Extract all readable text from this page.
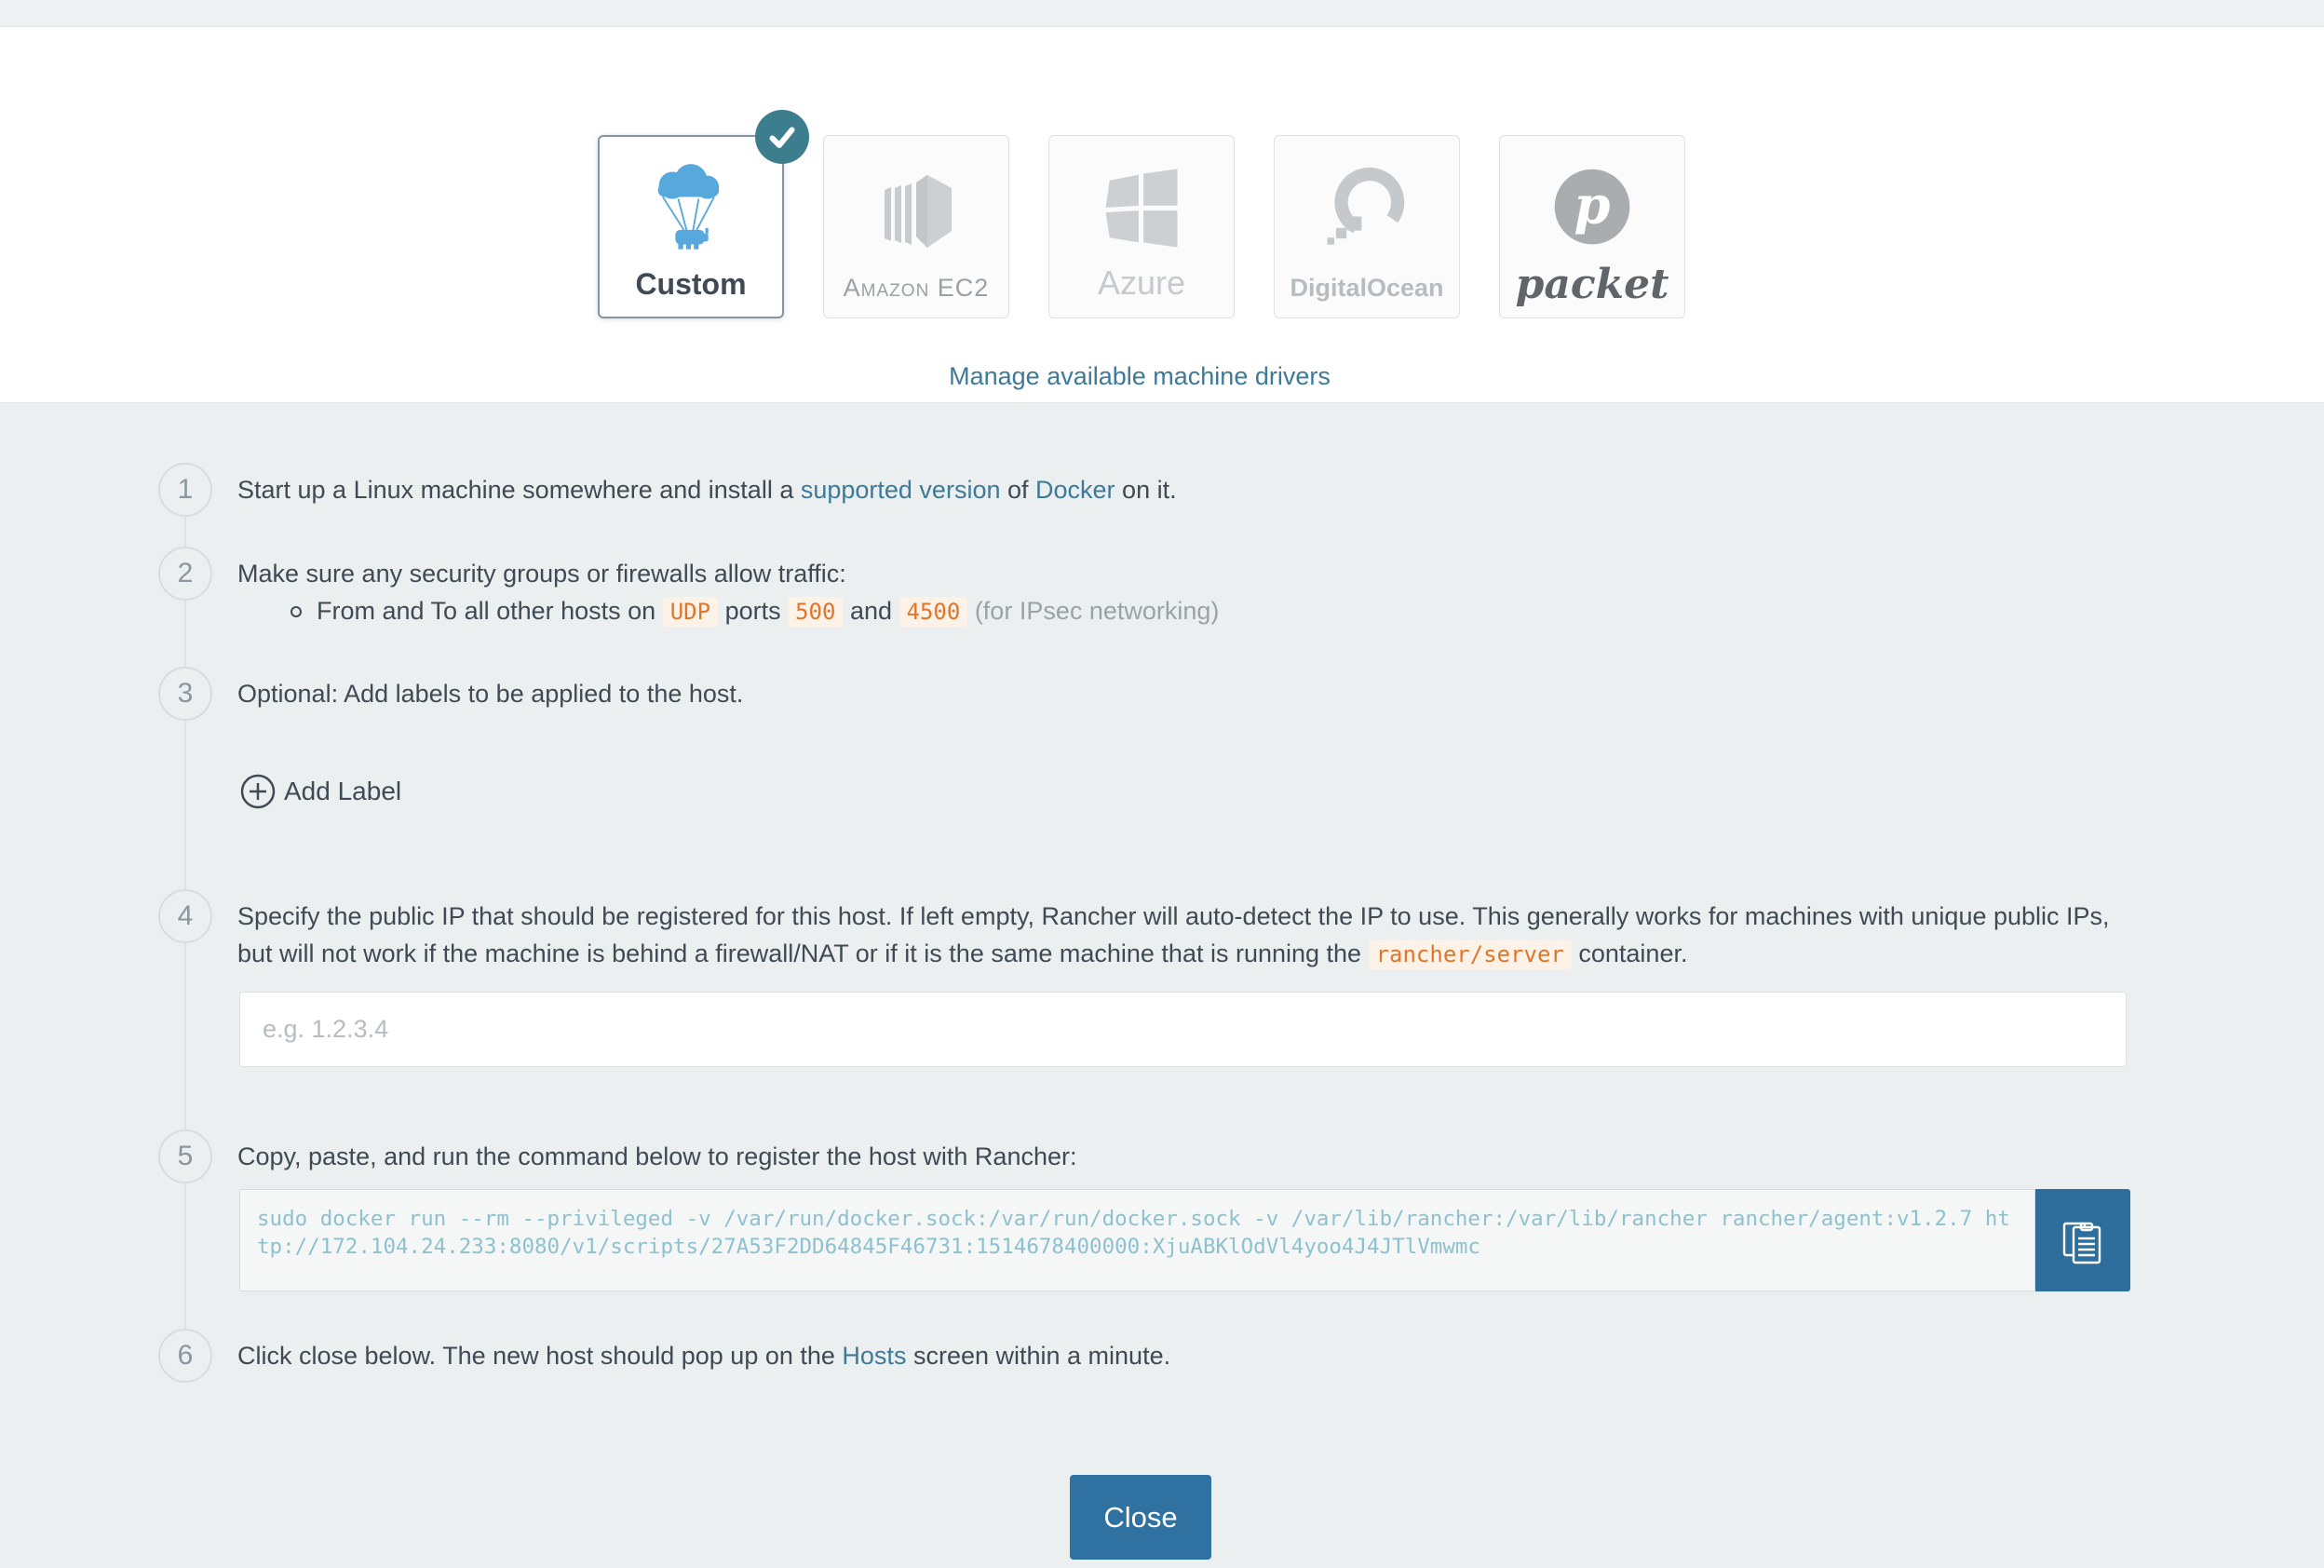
Custom	Amazon EC2	Azure	DigitalOcean
p
packet
Manage available machine drivers
1
2
3
4
5
6
Start up a Linux machine somewhere and install a supported version of Docker on it.
Make sure any security groups or firewalls allow traffic:
From and To all other hosts on UDP ports 500 and 4500 (for IPsec networking)
Optional: Add labels to be applied to the host.
Add Label
Specify the public IP that should be registered for this host. If left empty, Rancher will auto-detect the IP to use. This generally works for machines with unique public IPs, but will not work if the machine is behind a firewall/NAT or if it is the same machine that is running the rancher/server container.
e.g. 1.2.3.4
Copy, paste, and run the command below to register the host with Rancher:
sudo docker run --rm --privileged -v /var/run/docker.sock:/var/run/docker.sock -v /var/lib/rancher:/var/lib/rancher rancher/agent:v1.2.7 http://172.104.24.233:8080/v1/scripts/27A53F2DD64845F46731:1514678400000:XjuABKlOdVl4yoo4J4JTlVmwmc
Click close below. The new host should pop up on the Hosts screen within a minute.
Close
